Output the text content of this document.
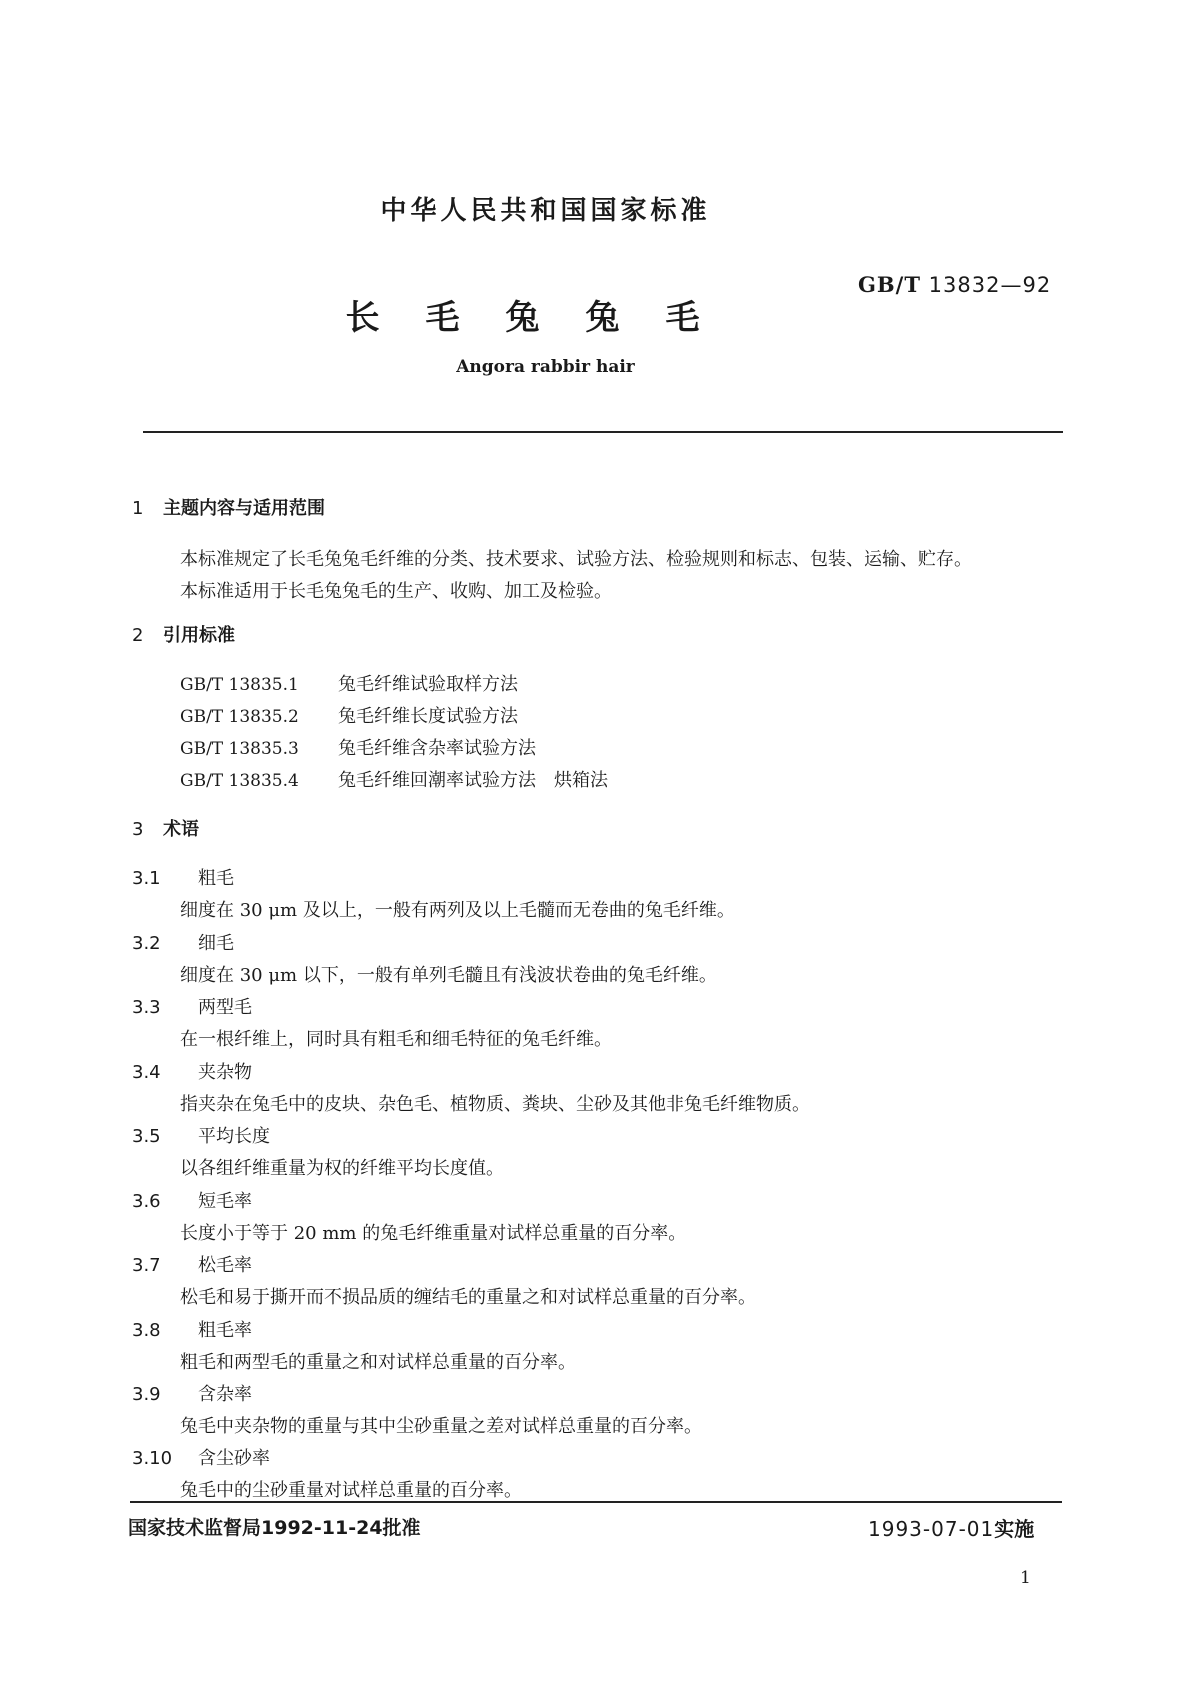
中华人民共和国国家标准
GB/T 13832—92
长毛兔兔毛
Angora rabbir hair
1 主题内容与适用范围
本标准规定了长毛兔兔毛纤维的分类、技术要求、试验方法、检验规则和标志、包装、运输、贮存。
本标准适用于长毛兔兔毛的生产、收购、加工及检验。
2 引用标准
GB/T 13835.1 兔毛纤维试验取样方法
GB/T 13835.2 兔毛纤维长度试验方法
GB/T 13835.3 兔毛纤维含杂率试验方法
GB/T 13835.4 兔毛纤维回潮率试验方法　烘箱法
3 术语
3.1 粗毛
细度在 30 μm 及以上，一般有两列及以上毛髓而无卷曲的兔毛纤维。
3.2 细毛
细度在 30 μm 以下，一般有单列毛髓且有浅波状卷曲的兔毛纤维。
3.3 两型毛
在一根纤维上，同时具有粗毛和细毛特征的兔毛纤维。
3.4 夹杂物
指夹杂在兔毛中的皮块、杂色毛、植物质、粪块、尘砂及其他非兔毛纤维物质。
3.5 平均长度
以各组纤维重量为权的纤维平均长度值。
3.6 短毛率
长度小于等于 20 mm 的兔毛纤维重量对试样总重量的百分率。
3.7 松毛率
松毛和易于撕开而不损品质的缠结毛的重量之和对试样总重量的百分率。
3.8 粗毛率
粗毛和两型毛的重量之和对试样总重量的百分率。
3.9 含杂率
兔毛中夹杂物的重量与其中尘砂重量之差对试样总重量的百分率。
3.10 含尘砂率
兔毛中的尘砂重量对试样总重量的百分率。
国家技术监督局1992-11-24批准	1993-07-01实施
1
